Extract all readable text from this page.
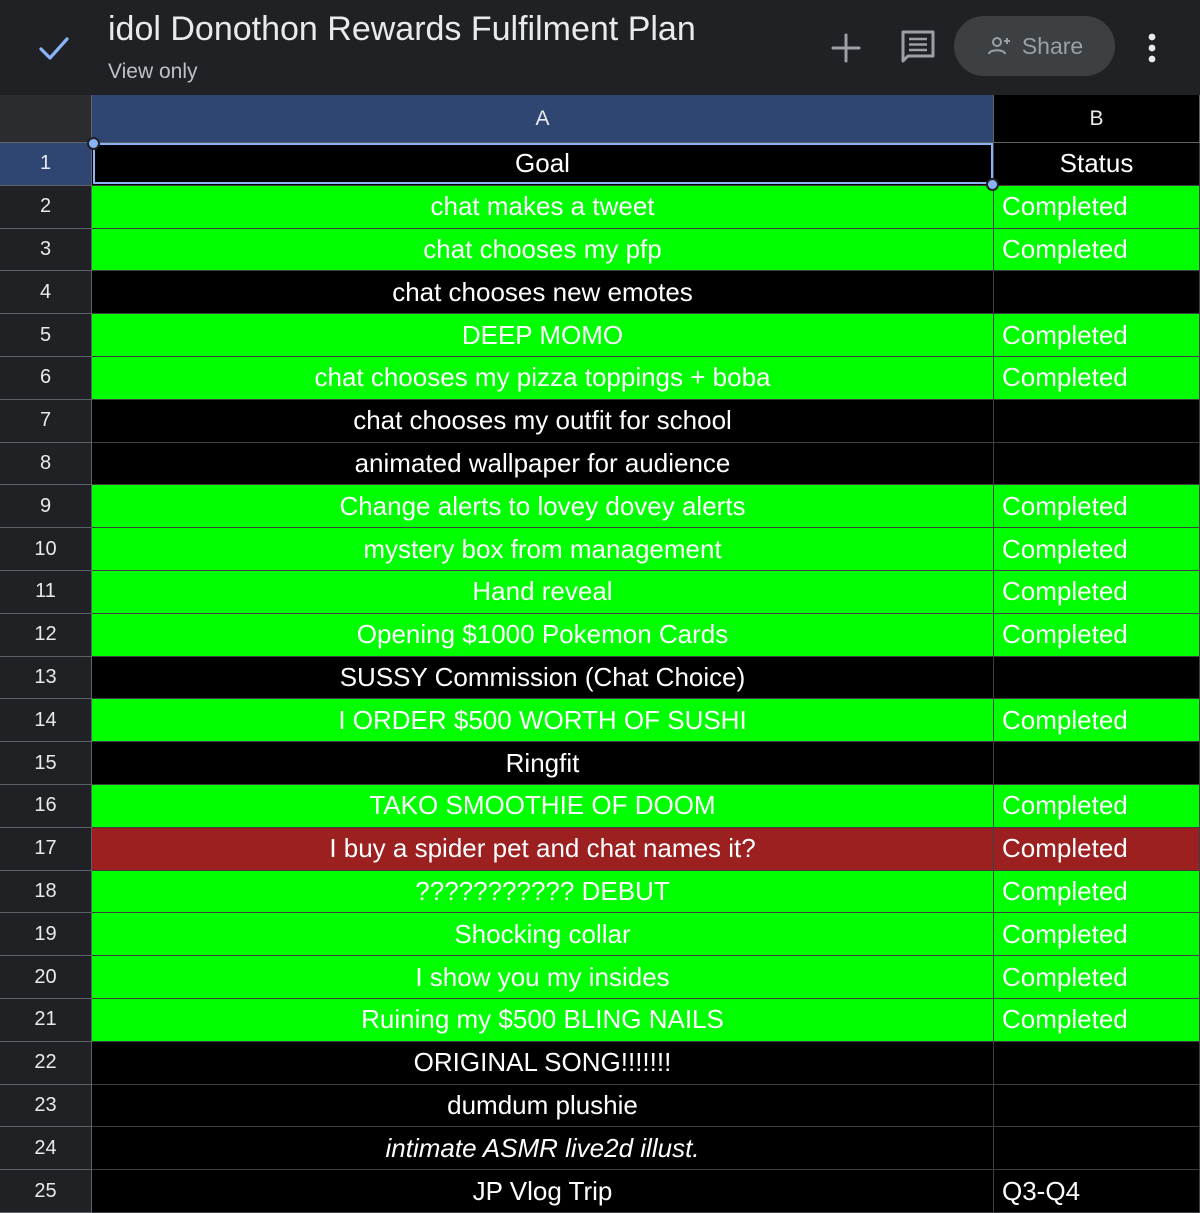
idol Donothon Rewards Fulfilment Plan
View only
Share
A	B
1	Goal	Status
2	chat makes a tweet	Completed
3	chat chooses my pfp	Completed
4	chat chooses new emotes
5	DEEP MOMO	Completed
6	chat chooses my pizza toppings + boba	Completed
7	chat chooses my outfit for school
8	animated wallpaper for audience
9	Change alerts to lovey dovey alerts	Completed
10	mystery box from management	Completed
11	Hand reveal	Completed
12	Opening $1000 Pokemon Cards	Completed
13	SUSSY Commission (Chat Choice)
14	I ORDER $500 WORTH OF SUSHI	Completed
15	Ringfit
16	TAKO SMOOTHIE OF DOOM	Completed
17	I buy a spider pet and chat names it?	Completed
18	??????????? DEBUT	Completed
19	Shocking collar	Completed
20	I show you my insides	Completed
21	Ruining my $500 BLING NAILS	Completed
22	ORIGINAL SONG!!!!!!!
23	dumdum plushie
24	intimate ASMR live2d illust.
25	JP Vlog Trip	Q3-Q4
